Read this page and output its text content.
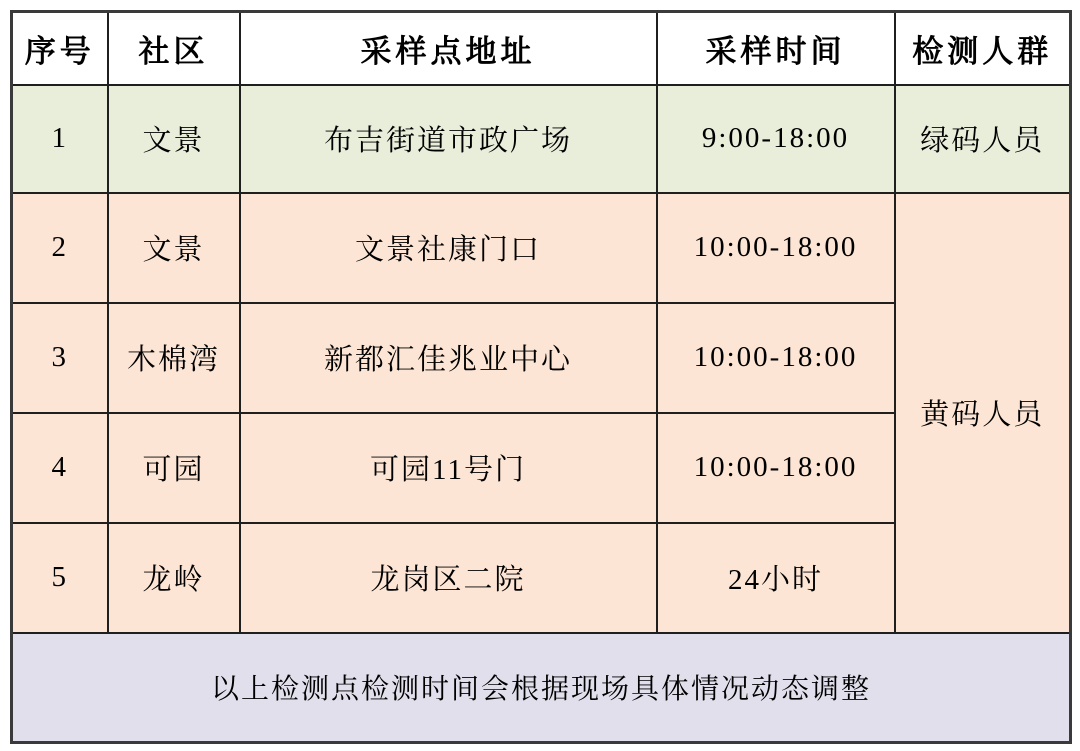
序号	社区	采样点地址	采样时间	检测人群
1	文景	布吉街道市政广场	9:00-18:00	绿码人员
2	文景	文景社康门口	10:00-18:00	黄码人员
3	木棉湾	新都汇佳兆业中心	10:00-18:00	
4	可园	可园11号门	10:00-18:00	
5	龙岭	龙岗区二院	24小时	
以上检测点检测时间会根据现场具体情况动态调整				
